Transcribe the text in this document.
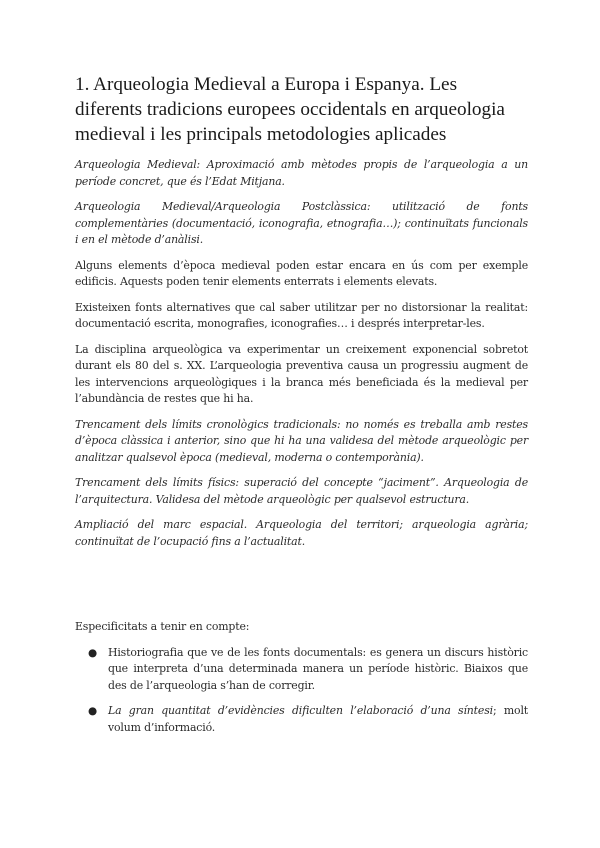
1. Arqueologia Medieval a Europa i Espanya. Les diferents tradicions europees occidentals en arqueologia medieval i les principals metodologies aplicades

Arqueologia Medieval: Aproximació amb mètodes propis de l’arqueologia a un període concret, que és l’Edat Mitjana.

Arqueologia Medieval/Arqueologia Postclàssica: utilització de fonts complementàries (documentació, iconografia, etnografia…); continuïtats funcionals i en el mètode d’anàlisi.

Alguns elements d’època medieval poden estar encara en ús com per exemple edificis. Aquests poden tenir elements enterrats i elements elevats.

Existeixen fonts alternatives que cal saber utilitzar per no distorsionar la realitat: documentació escrita, monografies, iconografies… i després interpretar-les.

La disciplina arqueològica va experimentar un creixement exponencial sobretot durant els 80 del s. XX. L’arqueologia preventiva causa un progressiu augment de les intervencions arqueològiques i la branca més beneficiada és la medieval per l’abundància de restes que hi ha.

Trencament dels límits cronològics tradicionals: no només es treballa amb restes d’època clàssica i anterior, sino que hi ha una validesa del mètode arqueològic per analitzar qualsevol època (medieval, moderna o contemporània).

Trencament dels límits físics: superació del concepte “jaciment”. Arqueologia de l’arquitectura. Validesa del mètode arqueològic per qualsevol estructura.

Ampliació del marc espacial. Arqueologia del territori; arqueologia agrària; continuïtat de l’ocupació fins a l’actualitat.

Especificitats a tenir en compte:

● Historiografia que ve de les fonts documentals: es genera un discurs històric que interpreta d’una determinada manera un període històric. Biaixos que des de l’arqueologia s’han de corregir.

● La gran quantitat d’evidències dificulten l’elaboració d’una síntesi; molt volum d’informació.
